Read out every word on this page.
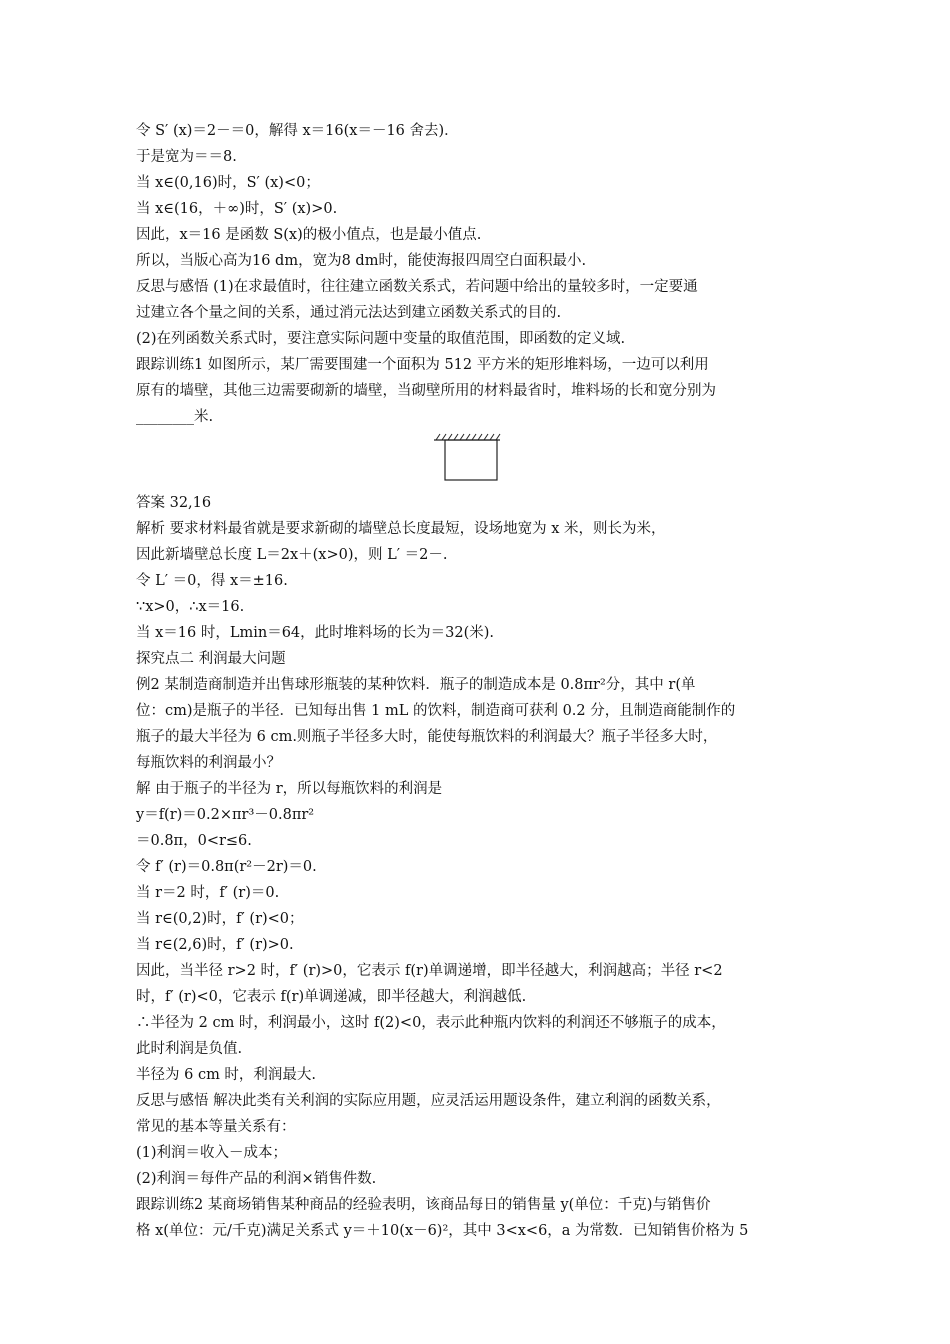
令 S′ (x)＝2－＝0，解得 x＝16(x＝－16 舍去)．
于是宽为＝＝8.
当 x∈(0,16)时，S′ (x)<0；
当 x∈(16，＋∞)时，S′ (x)>0.
因此，x＝16 是函数 S(x)的极小值点，也是最小值点.
所以，当版心高为16 dm，宽为8 dm时，能使海报四周空白面积最小.
反思与感悟 (1)在求最值时，往往建立函数关系式，若问题中给出的量较多时，一定要通
过建立各个量之间的关系，通过消元法达到建立函数关系式的目的.
(2)在列函数关系式时，要注意实际问题中变量的取值范围，即函数的定义域.
跟踪训练1 如图所示，某厂需要围建一个面积为 512 平方米的矩形堆料场，一边可以利用
原有的墙壁，其他三边需要砌新的墙壁，当砌壁所用的材料最省时，堆料场的长和宽分别为
________米.
答案 32,16
解析 要求材料最省就是要求新砌的墙壁总长度最短，设场地宽为 x 米，则长为米，
因此新墙壁总长度 L＝2x＋(x>0)，则 L′ ＝2－.
令 L′ ＝0，得 x＝±16.
∵x>0，∴x＝16.
当 x＝16 时，Lmin＝64，此时堆料场的长为＝32(米).
探究点二 利润最大问题
例2 某制造商制造并出售球形瓶装的某种饮料．瓶子的制造成本是 0.8πr²分，其中 r(单
位：cm)是瓶子的半径．已知每出售 1 mL 的饮料，制造商可获利 0.2 分，且制造商能制作的
瓶子的最大半径为 6 cm.则瓶子半径多大时，能使每瓶饮料的利润最大？瓶子半径多大时，
每瓶饮料的利润最小？
解 由于瓶子的半径为 r，所以每瓶饮料的利润是
y＝f(r)＝0.2×πr³－0.8πr²
＝0.8π，0<r≤6.
令 f′ (r)＝0.8π(r²－2r)＝0.
当 r＝2 时，f′ (r)＝0.
当 r∈(0,2)时，f′ (r)<0；
当 r∈(2,6)时，f′ (r)>0.
因此，当半径 r>2 时，f′ (r)>0，它表示 f(r)单调递增，即半径越大，利润越高；半径 r<2
时，f′ (r)<0，它表示 f(r)单调递减，即半径越大，利润越低.
∴半径为 2 cm 时，利润最小，这时 f(2)<0，表示此种瓶内饮料的利润还不够瓶子的成本，
此时利润是负值.
半径为 6 cm 时，利润最大.
反思与感悟 解决此类有关利润的实际应用题，应灵活运用题设条件，建立利润的函数关系，
常见的基本等量关系有：
(1)利润＝收入－成本；
(2)利润＝每件产品的利润×销售件数.
跟踪训练2 某商场销售某种商品的经验表明，该商品每日的销售量 y(单位：千克)与销售价
格 x(单位：元/千克)满足关系式 y＝＋10(x－6)²，其中 3<x<6，a 为常数．已知销售价格为 5
